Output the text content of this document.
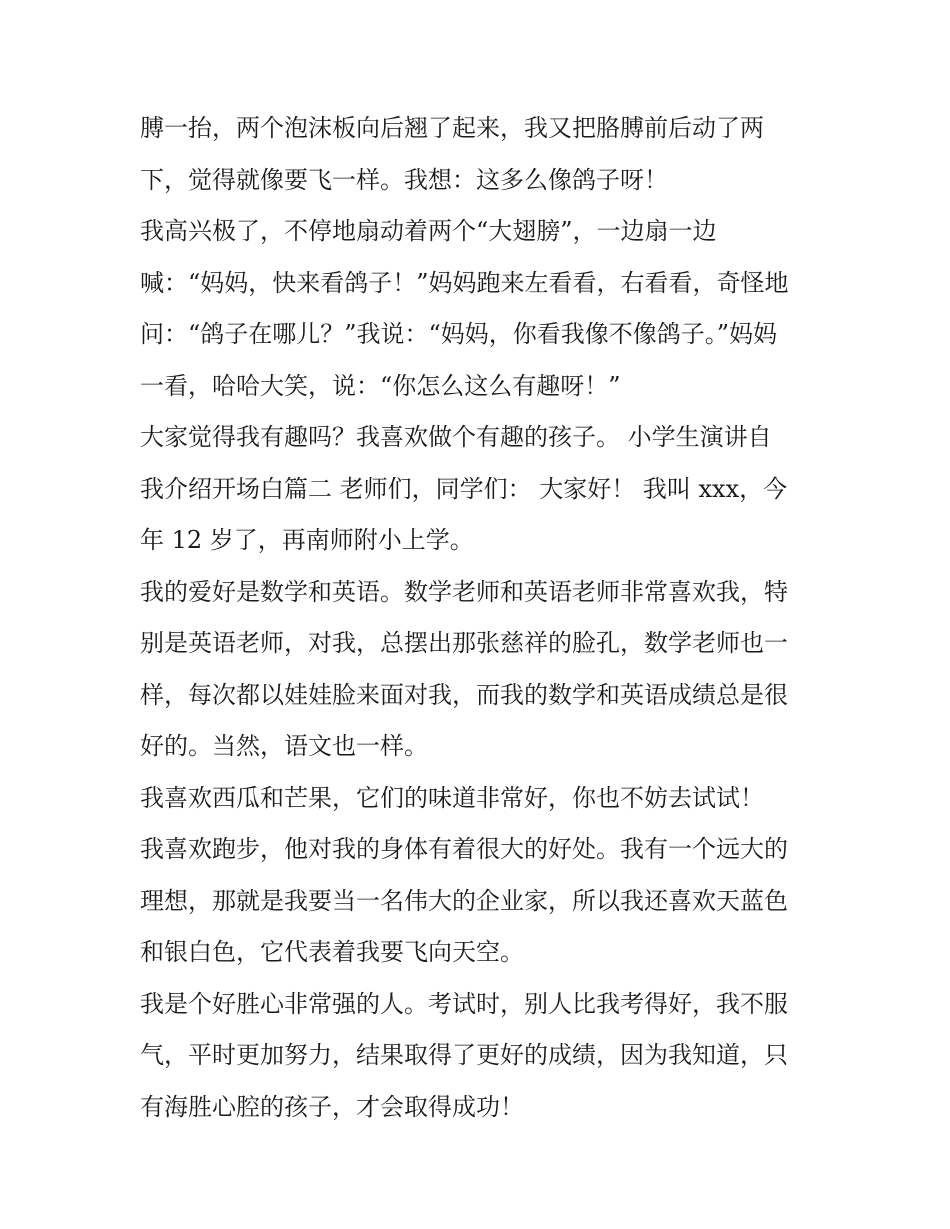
膊一抬，两个泡沫板向后翘了起来，我又把胳膊前后动了两
下，觉得就像要飞一样。我想：这多么像鸽子呀！
我高兴极了，不停地扇动着两个“大翅膀”，一边扇一边
喊：“妈妈，快来看鸽子！”妈妈跑来左看看，右看看，奇怪地
问：“鸽子在哪儿？”我说：“妈妈，你看我像不像鸽子。”妈妈
一看，哈哈大笑，说：“你怎么这么有趣呀！”
大家觉得我有趣吗？我喜欢做个有趣的孩子。 小学生演讲自
我介绍开场白篇二 老师们，同学们： 大家好！ 我叫 xxx，今
年 12 岁了，再南师附小上学。
我的爱好是数学和英语。数学老师和英语老师非常喜欢我，特
别是英语老师，对我，总摆出那张慈祥的脸孔，数学老师也一
样，每次都以娃娃脸来面对我，而我的数学和英语成绩总是很
好的。当然，语文也一样。
我喜欢西瓜和芒果，它们的味道非常好，你也不妨去试试！
我喜欢跑步，他对我的身体有着很大的好处。我有一个远大的
理想，那就是我要当一名伟大的企业家，所以我还喜欢天蓝色
和银白色，它代表着我要飞向天空。
我是个好胜心非常强的人。考试时，别人比我考得好，我不服
气，平时更加努力，结果取得了更好的成绩，因为我知道，只
有海胜心腔的孩子，才会取得成功！
